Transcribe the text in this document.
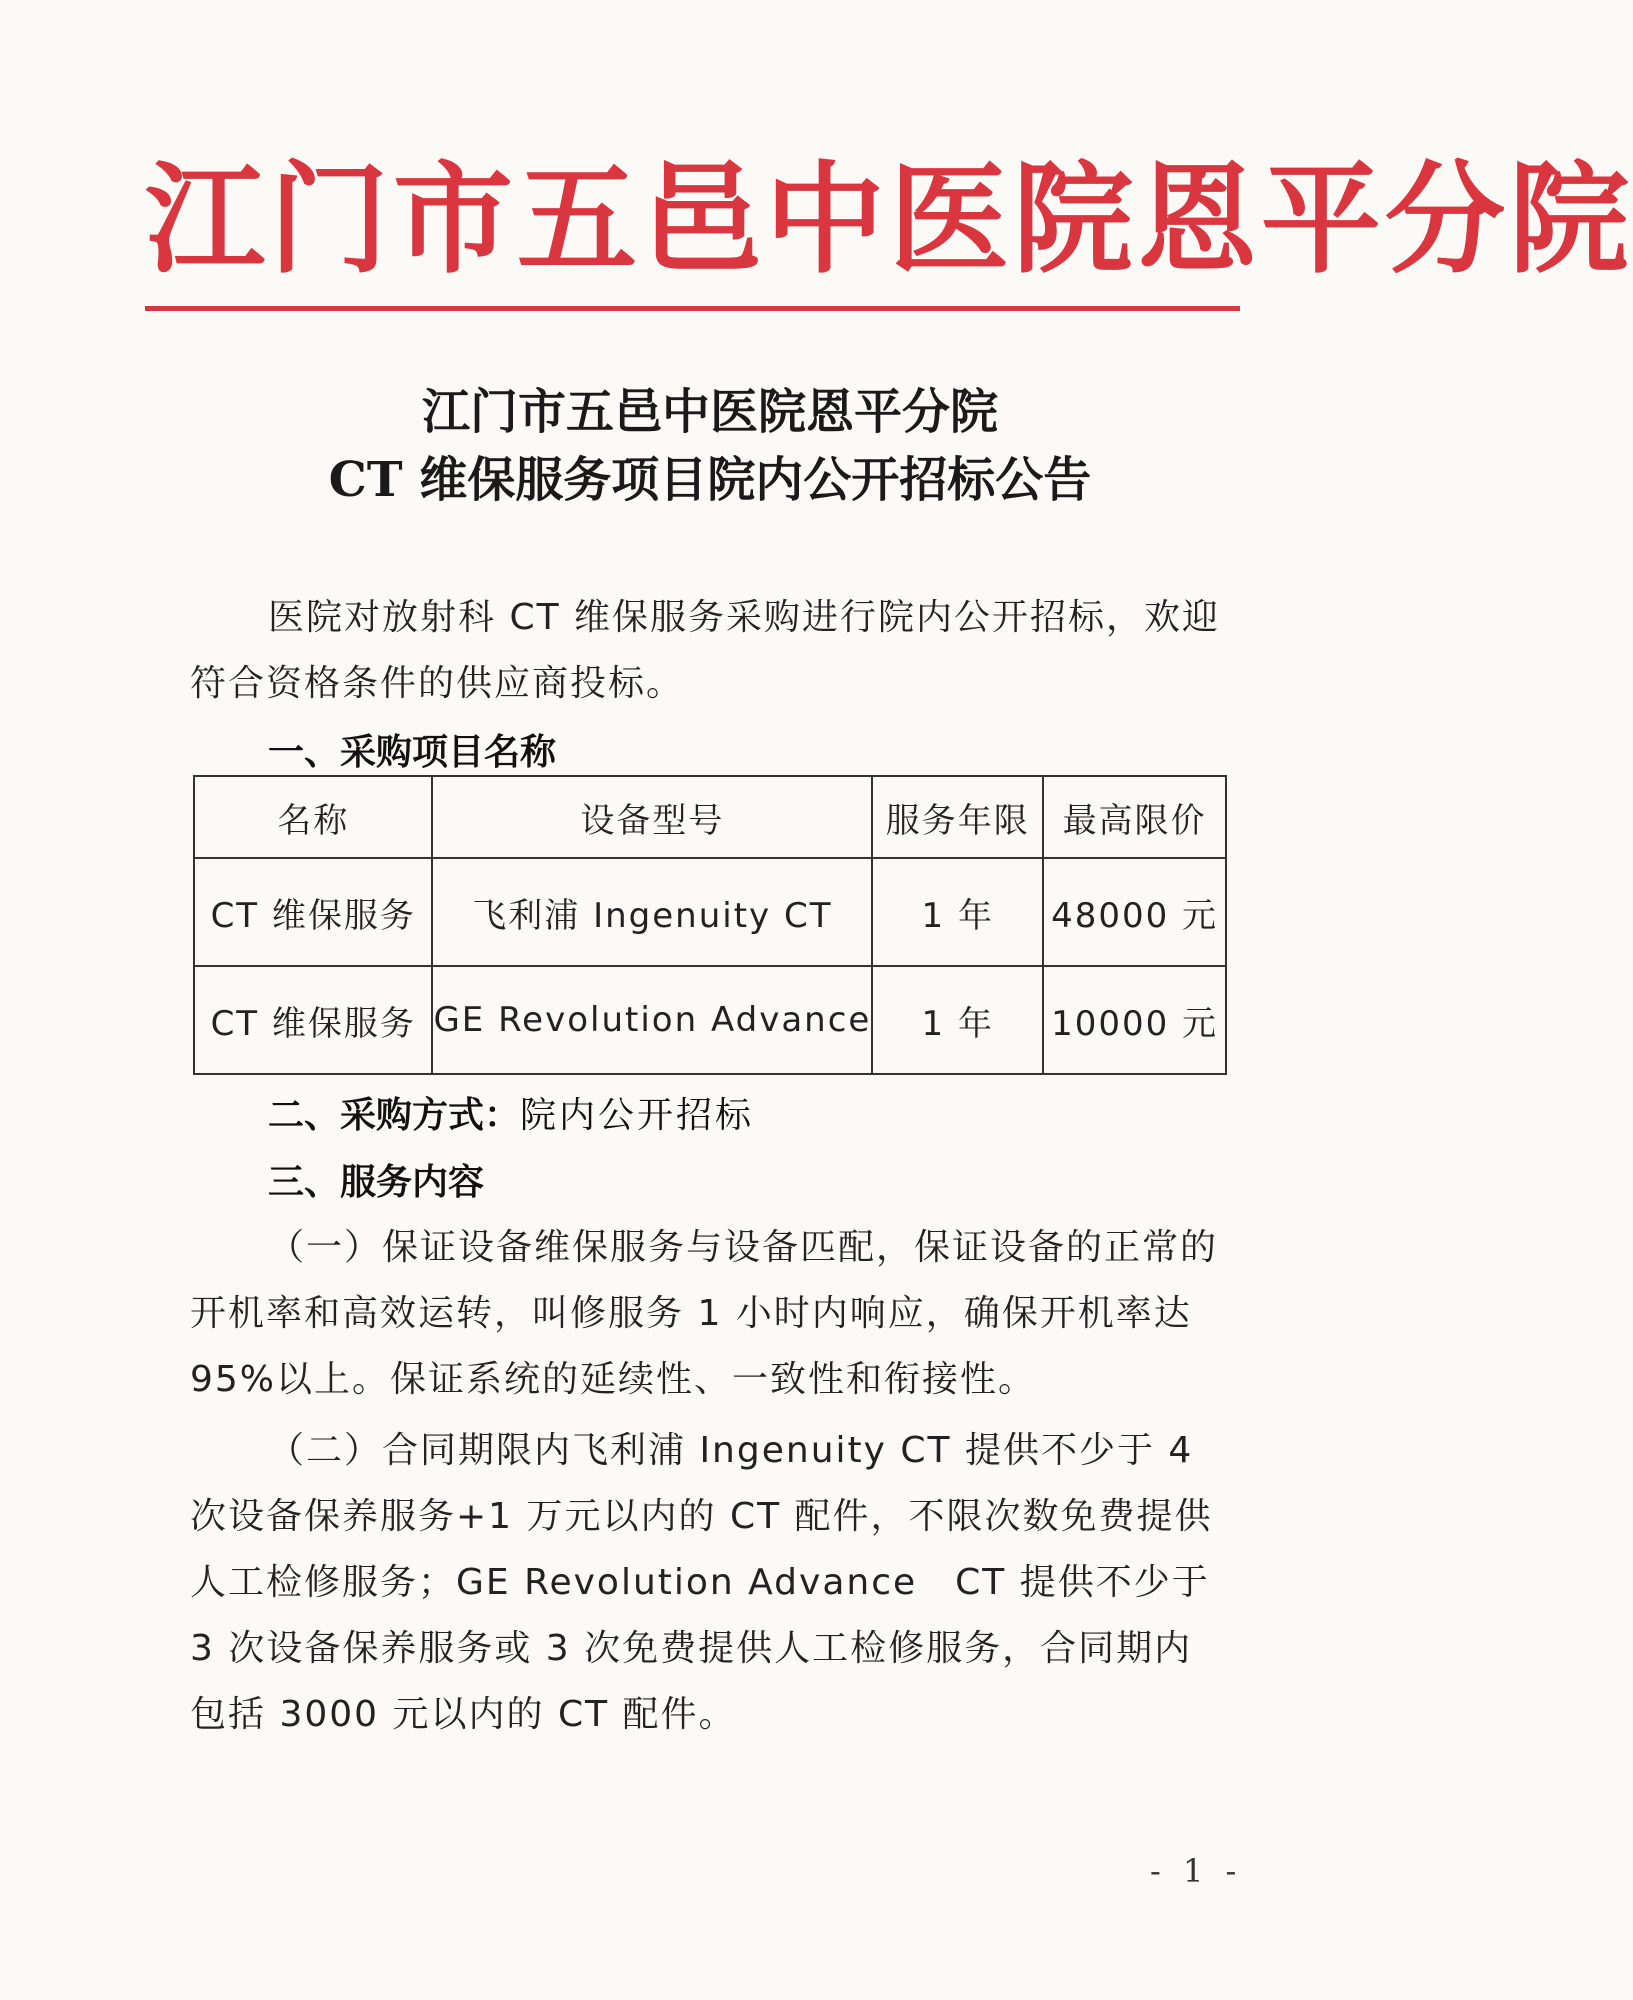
江门市五邑中医院恩平分院
江门市五邑中医院恩平分院
CT 维保服务项目院内公开招标公告
医院对放射科 CT 维保服务采购进行院内公开招标，欢迎符合资格条件的供应商投标。
一、采购项目名称
名称	设备型号	服务年限	最高限价
CT 维保服务	飞利浦 Ingenuity CT	1 年	48000 元
CT 维保服务	GE Revolution Advance	1 年	10000 元
二、采购方式：院内公开招标
三、服务内容
（一）保证设备维保服务与设备匹配，保证设备的正常的开机率和高效运转，叫修服务 1 小时内响应，确保开机率达 95%以上。保证系统的延续性、一致性和衔接性。
（二）合同期限内飞利浦 Ingenuity CT 提供不少于 4 次设备保养服务+1 万元以内的 CT 配件，不限次数免费提供人工检修服务；GE Revolution Advance　CT 提供不少于 3 次设备保养服务或 3 次免费提供人工检修服务，合同期内包括 3000 元以内的 CT 配件。
- 1 -
